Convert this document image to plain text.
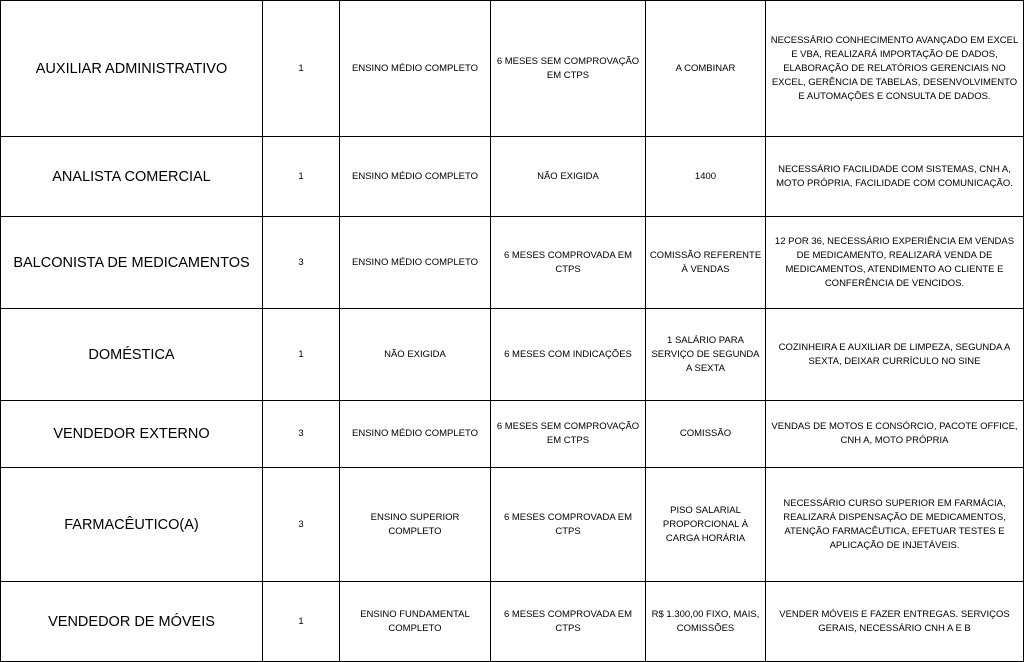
AUXILIAR ADMINISTRATIVO	1	ENSINO MÉDIO COMPLETO	6 MESES SEM COMPROVAÇÃO EM CTPS	A COMBINAR	NECESSÁRIO CONHECIMENTO AVANÇADO EM EXCEL E VBA, REALIZARÁ IMPORTAÇÃO DE DADOS, ELABORAÇÃO DE RELATÓRIOS GERENCIAIS NO EXCEL, GERÊNCIA DE TABELAS, DESENVOLVIMENTO E AUTOMAÇÕES E CONSULTA DE DADOS.
ANALISTA COMERCIAL	1	ENSINO MÉDIO COMPLETO	NÃO EXIGIDA	1400	NECESSÁRIO FACILIDADE COM SISTEMAS, CNH A, MOTO PRÓPRIA, FACILIDADE COM COMUNICAÇÃO.
BALCONISTA DE MEDICAMENTOS	3	ENSINO MÉDIO COMPLETO	6 MESES COMPROVADA EM CTPS	COMISSÃO REFERENTE À VENDAS	12 POR 36, NECESSÁRIO EXPERIÊNCIA EM VENDAS DE MEDICAMENTO, REALIZARÁ VENDA DE MEDICAMENTOS, ATENDIMENTO AO CLIENTE E CONFERÊNCIA DE VENCIDOS.
DOMÉSTICA	1	NÃO EXIGIDA	6 MESES COM INDICAÇÕES	1 SALÁRIO PARA SERVIÇO DE SEGUNDA A SEXTA	COZINHEIRA E AUXILIAR DE LIMPEZA, SEGUNDA A SEXTA, DEIXAR CURRÍCULO NO SINE
VENDEDOR EXTERNO	3	ENSINO MÉDIO COMPLETO	6 MESES SEM COMPROVAÇÃO EM CTPS	COMISSÃO	VENDAS DE MOTOS E CONSÓRCIO, PACOTE OFFICE, CNH A, MOTO PRÓPRIA
FARMACÊUTICO(A)	3	ENSINO SUPERIOR COMPLETO	6 MESES COMPROVADA EM CTPS	PISO SALARIAL PROPORCIONAL À CARGA HORÁRIA	NECESSÁRIO CURSO SUPERIOR EM FARMÁCIA, REALIZARÁ DISPENSAÇÃO DE MEDICAMENTOS, ATENÇÃO FARMACÊUTICA, EFETUAR TESTES E APLICAÇÃO DE INJETÁVEIS.
VENDEDOR DE MÓVEIS	1	ENSINO FUNDAMENTAL COMPLETO	6 MESES COMPROVADA EM CTPS	R$ 1.300,00 FIXO, MAIS, COMISSÕES	VENDER MÓVEIS E FAZER ENTREGAS. SERVIÇOS GERAIS, NECESSÁRIO CNH A E B
